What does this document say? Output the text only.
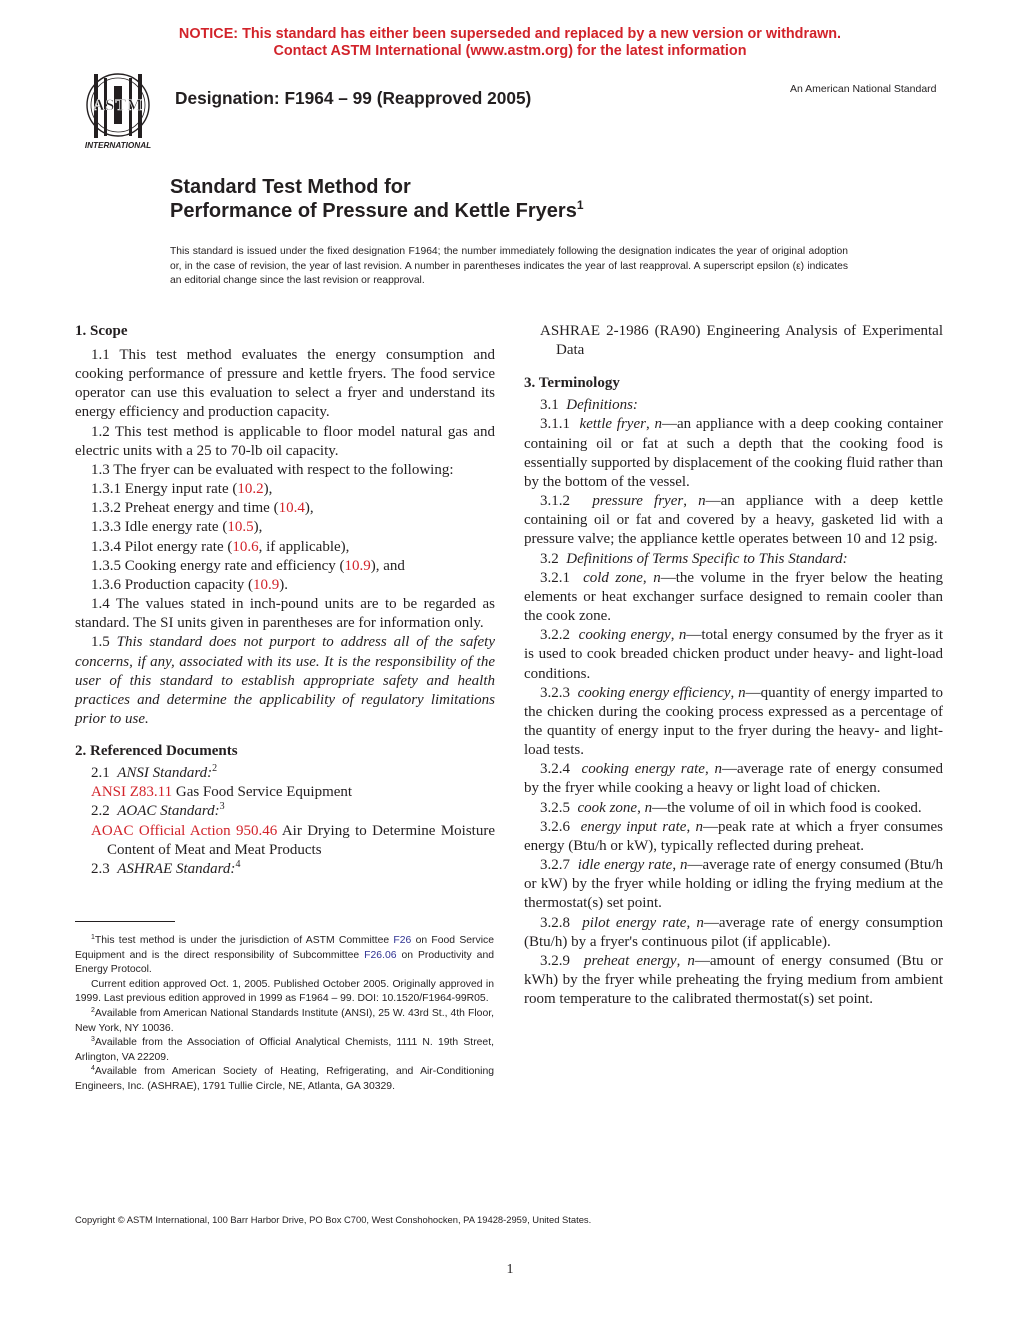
NOTICE: This standard has either been superseded and replaced by a new version or withdrawn.
Contact ASTM International (www.astm.org) for the latest information
ASTM
INTERNATIONAL
Designation: F1964 – 99 (Reapproved 2005)	An American National Standard
Standard Test Method for
Performance of Pressure and Kettle Fryers$^1$
This standard is issued under the fixed designation F1964; the number immediately following the designation indicates the year of original adoption or, in the case of revision, the year of last revision. A number in parentheses indicates the year of last reapproval. A superscript epsilon (ε) indicates an editorial change since the last revision or reapproval.
1. Scope

1.1 This test method evaluates the energy consumption and cooking performance of pressure and kettle fryers. The food service operator can use this evaluation to select a fryer and understand its energy efficiency and production capacity.

1.2 This test method is applicable to floor model natural gas and electric units with a 25 to 70-lb oil capacity.

1.3 The fryer can be evaluated with respect to the following:

1.3.1 Energy input rate (10.2),

1.3.2 Preheat energy and time (10.4),

1.3.3 Idle energy rate (10.5),

1.3.4 Pilot energy rate (10.6, if applicable),

1.3.5 Cooking energy rate and efficiency (10.9), and

1.3.6 Production capacity (10.9).

1.4 The values stated in inch-pound units are to be regarded as standard. The SI units given in parentheses are for information only.

1.5 This standard does not purport to address all of the safety concerns, if any, associated with its use. It is the responsibility of the user of this standard to establish appropriate safety and health practices and determine the applicability of regulatory limitations prior to use.

2. Referenced Documents

2.1 ANSI Standard:$^2$

ANSI Z83.11 Gas Food Service Equipment

2.2 AOAC Standard:$^3$

AOAC Official Action 950.46 Air Drying to Determine Moisture Content of Meat and Meat Products

2.3 ASHRAE Standard:$^4$

$^1$This test method is under the jurisdiction of ASTM Committee F26 on Food Service Equipment and is the direct responsibility of Subcommittee F26.06 on Productivity and Energy Protocol.

Current edition approved Oct. 1, 2005. Published October 2005. Originally approved in 1999. Last previous edition approved in 1999 as F1964 – 99. DOI: 10.1520/F1964-99R05.

$^2$Available from American National Standards Institute (ANSI), 25 W. 43rd St., 4th Floor, New York, NY 10036.

$^3$Available from the Association of Official Analytical Chemists, 1111 N. 19th Street, Arlington, VA 22209.

$^4$Available from American Society of Heating, Refrigerating, and Air-Conditioning Engineers, Inc. (ASHRAE), 1791 Tullie Circle, NE, Atlanta, GA 30329.

ASHRAE 2-1986 (RA90) Engineering Analysis of Experimental Data

3. Terminology

3.1 Definitions:

3.1.1 kettle fryer, n—an appliance with a deep cooking container containing oil or fat at such a depth that the cooking food is essentially supported by displacement of the cooking fluid rather than by the bottom of the vessel.

3.1.2 pressure fryer, n—an appliance with a deep kettle containing oil or fat and covered by a heavy, gasketed lid with a pressure valve; the appliance kettle operates between 10 and 12 psig.

3.2 Definitions of Terms Specific to This Standard:

3.2.1 cold zone, n—the volume in the fryer below the heating elements or heat exchanger surface designed to remain cooler than the cook zone.

3.2.2 cooking energy, n—total energy consumed by the fryer as it is used to cook breaded chicken product under heavy- and light-load conditions.

3.2.3 cooking energy efficiency, n—quantity of energy imparted to the chicken during the cooking process expressed as a percentage of the quantity of energy input to the fryer during the heavy- and light-load tests.

3.2.4 cooking energy rate, n—average rate of energy consumed by the fryer while cooking a heavy or light load of chicken.

3.2.5 cook zone, n—the volume of oil in which food is cooked.

3.2.6 energy input rate, n—peak rate at which a fryer consumes energy (Btu/h or kW), typically reflected during preheat.

3.2.7 idle energy rate, n—average rate of energy consumed (Btu/h or kW) by the fryer while holding or idling the frying medium at the thermostat(s) set point.

3.2.8 pilot energy rate, n—average rate of energy consumption (Btu/h) by a fryer's continuous pilot (if applicable).

3.2.9 preheat energy, n—amount of energy consumed (Btu or kWh) by the fryer while preheating the frying medium from ambient room temperature to the calibrated thermostat(s) set point.

Copyright © ASTM International, 100 Barr Harbor Drive, PO Box C700, West Conshohocken, PA 19428-2959, United States.
1
